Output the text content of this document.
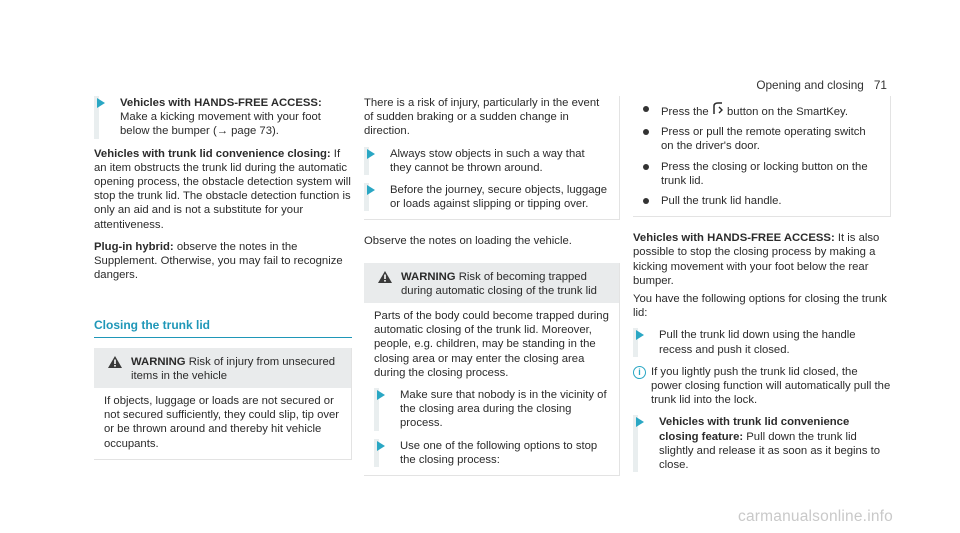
Opening and closing 71
Vehicles with HANDS-FREE ACCESS: Make a kicking movement with your foot below the bumper (→ page 73).

Vehicles with trunk lid convenience closing: If an item obstructs the trunk lid during the automatic opening process, the obstacle detection system will stop the trunk lid. The obstacle detection function is only an aid and is not a substitute for your attentiveness.

Plug-in hybrid: observe the notes in the Supplement. Otherwise, you may fail to recognize dangers.

Closing the trunk lid
WARNING Risk of injury from unsecured items in the vehicle
If objects, luggage or loads are not secured or not secured sufficiently, they could slip, tip over or be thrown around and thereby hit vehicle occupants.

There is a risk of injury, particularly in the event of sudden braking or a sudden change in direction.

Always stow objects in such a way that they cannot be thrown around.
Before the journey, secure objects, luggage or loads against slipping or tipping over.

Observe the notes on loading the vehicle.

WARNING Risk of becoming trapped during automatic closing of the trunk lid

Parts of the body could become trapped during automatic closing of the trunk lid. Moreover, people, e.g. children, may be standing in the closing area or may enter the closing area during the closing process.

Make sure that nobody is in the vicinity of the closing area during the closing process.
Use one of the following options to stop the closing process:
Press the  button on the SmartKey.
Press or pull the remote operating switch on the driver's door.
Press the closing or locking button on the trunk lid.
Pull the trunk lid handle.

Vehicles with HANDS-FREE ACCESS: It is also possible to stop the closing process by making a kicking movement with your foot below the rear bumper.

You have the following options for closing the trunk lid:

Pull the trunk lid down using the handle recess and push it closed.
i If you lightly push the trunk lid closed, the power closing function will automatically pull the trunk lid into the lock.
Vehicles with trunk lid convenience closing feature: Pull down the trunk lid slightly and release it as soon as it begins to close.
carmanualsonline.info
